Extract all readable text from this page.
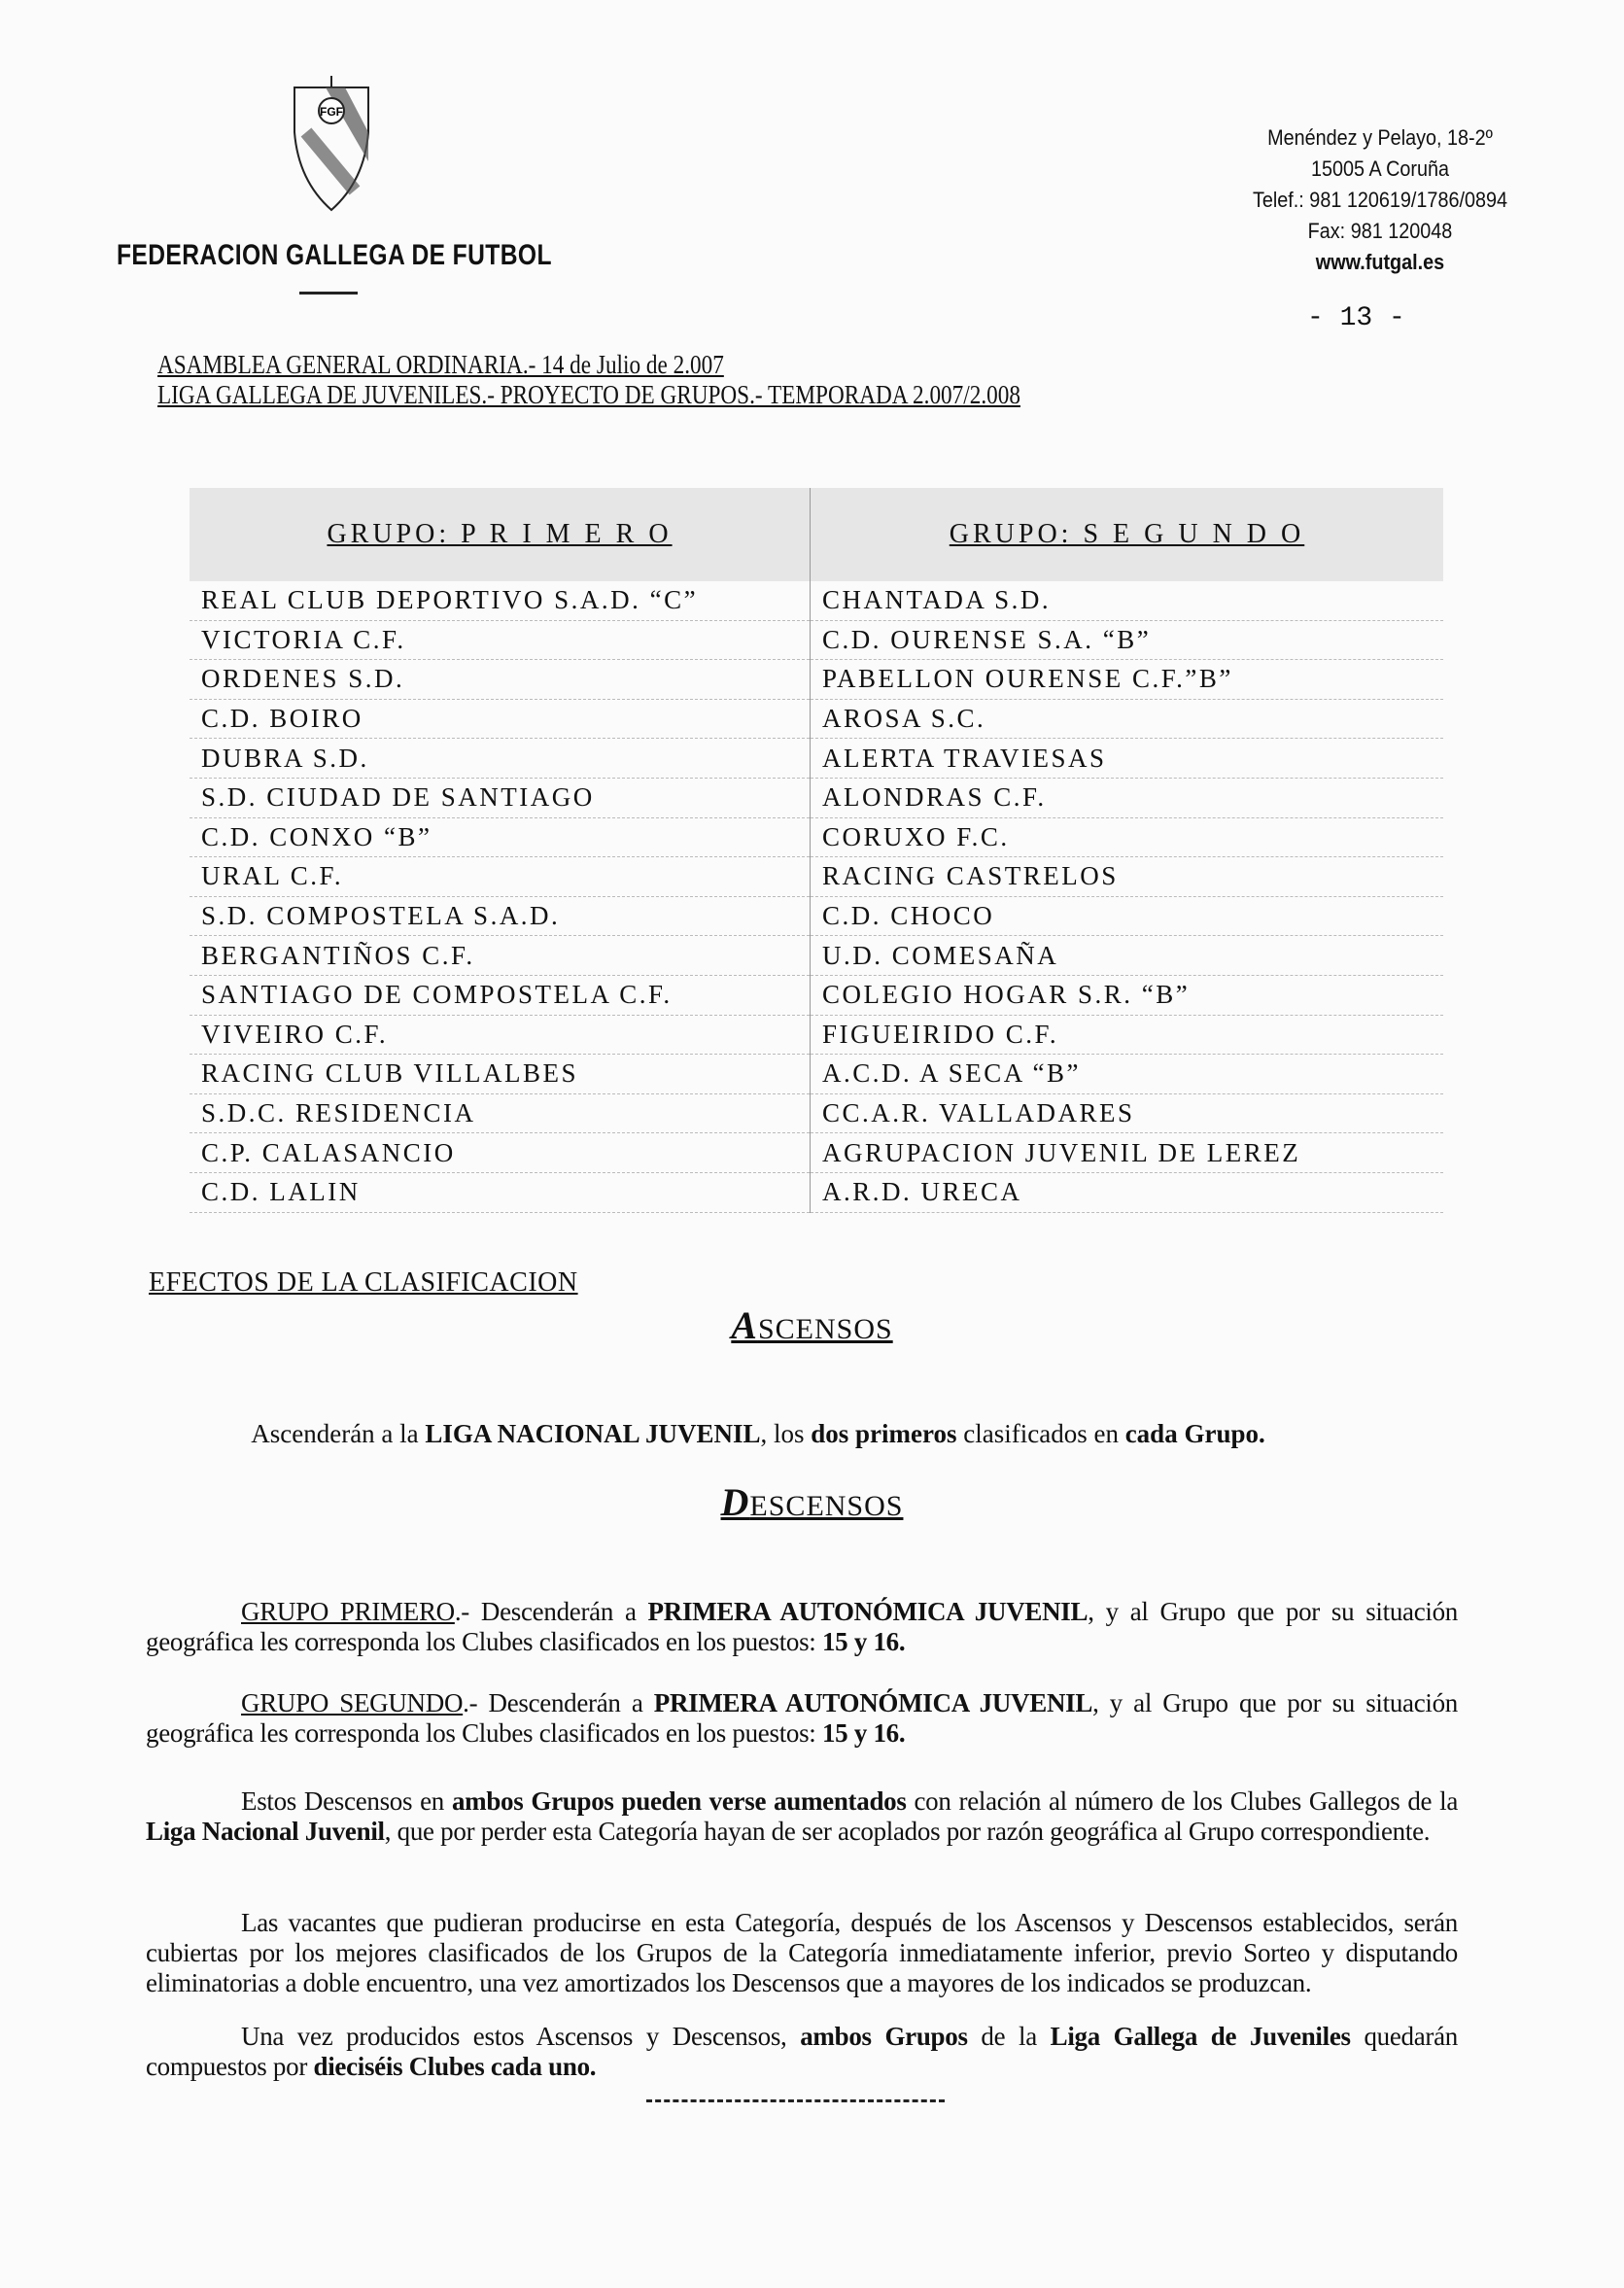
FGF
FEDERACION GALLEGA DE FUTBOL
Menéndez y Pelayo, 18-2º
15005 A Coruña
Telef.: 981 120619/1786/0894
Fax: 981 120048
www.futgal.es
- 13 -
ASAMBLEA GENERAL ORDINARIA.- 14 de Julio de 2.007
LIGA GALLEGA DE JUVENILES.- PROYECTO DE GRUPOS.- TEMPORADA 2.007/2.008
GRUPO: P R I M E R O	GRUPO: S E G U N D O
REAL CLUB DEPORTIVO S.A.D. “C”	CHANTADA S.D.
VICTORIA C.F.	C.D. OURENSE S.A. “B”
ORDENES S.D.	PABELLON OURENSE C.F.”B”
C.D. BOIRO	AROSA S.C.
DUBRA S.D.	ALERTA TRAVIESAS
S.D. CIUDAD DE SANTIAGO	ALONDRAS C.F.
C.D. CONXO “B”	CORUXO F.C.
URAL C.F.	RACING CASTRELOS
S.D. COMPOSTELA S.A.D.	C.D. CHOCO
BERGANTIÑOS C.F.	U.D. COMESAÑA
SANTIAGO DE COMPOSTELA C.F.	COLEGIO HOGAR S.R. “B”
VIVEIRO C.F.	FIGUEIRIDO C.F.
RACING CLUB VILLALBES	A.C.D. A SECA “B”
S.D.C. RESIDENCIA	CC.A.R. VALLADARES
C.P. CALASANCIO	AGRUPACION JUVENIL DE LEREZ
C.D. LALIN	A.R.D. URECA
EFECTOS DE LA CLASIFICACION
ASCENSOS
Ascenderán a la LIGA NACIONAL JUVENIL, los dos primeros clasificados en cada Grupo.
DESCENSOS
GRUPO PRIMERO.- Descenderán a PRIMERA AUTONÓMICA JUVENIL, y al Grupo que por su situación geográfica les corresponda los Clubes clasificados en los puestos: 15 y 16.
GRUPO SEGUNDO.- Descenderán a PRIMERA AUTONÓMICA JUVENIL, y al Grupo que por su situación geográfica les corresponda los Clubes clasificados en los puestos: 15 y 16.
Estos Descensos en ambos Grupos pueden verse aumentados con relación al número de los Clubes Gallegos de la Liga Nacional Juvenil, que por perder esta Categoría hayan de ser acoplados por razón geográfica al Grupo correspondiente.
Las vacantes que pudieran producirse en esta Categoría, después de los Ascensos y Descensos establecidos, serán cubiertas por los mejores clasificados de los Grupos de la Categoría inmediatamente inferior, previo Sorteo y disputando eliminatorias a doble encuentro, una vez amortizados los Descensos que a mayores de los indicados se produzcan.
Una vez producidos estos Ascensos y Descensos, ambos Grupos de la Liga Gallega de Juveniles quedarán compuestos por dieciséis Clubes cada uno.
